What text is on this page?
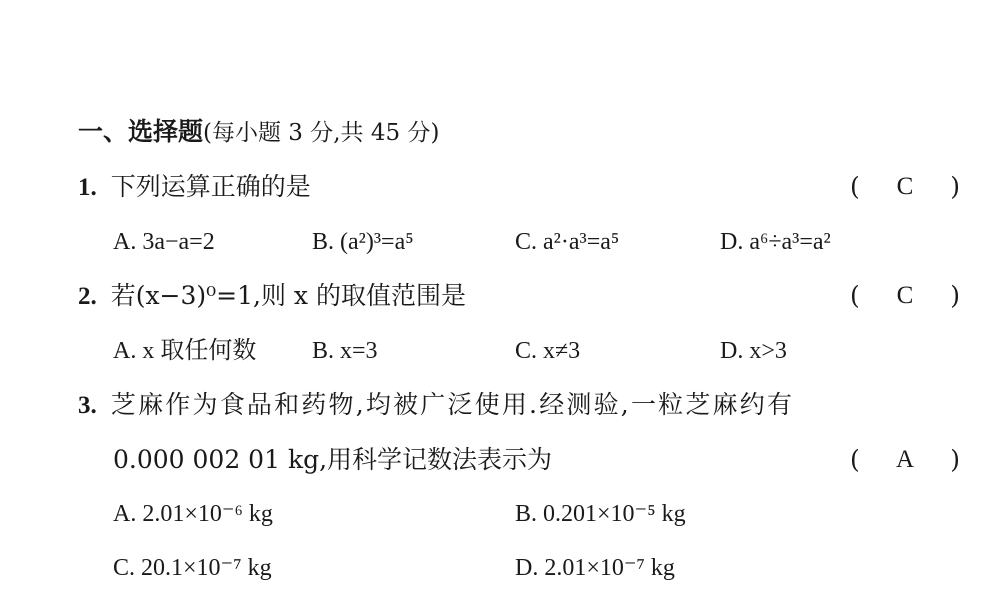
一、选择题(每小题 3 分,共 45 分)
1. 下列运算正确的是	( C )
A. 3a−a=2	B. (a²)³=a⁵	C. a²·a³=a⁵	D. a⁶÷a³=a²
2. 若(x−3)⁰=1,则 x 的取值范围是	( C )
A. x 取任何数 B. x=3	C. x≠3	D. x>3
3. 芝麻作为食品和药物,均被广泛使用.经测验,一粒芝麻约有
0.000 002 01 kg,用科学记数法表示为	( A )
A. 2.01×10⁻⁶ kg	B. 0.201×10⁻⁵ kg
C. 20.1×10⁻⁷ kg	D. 2.01×10⁻⁷ kg
